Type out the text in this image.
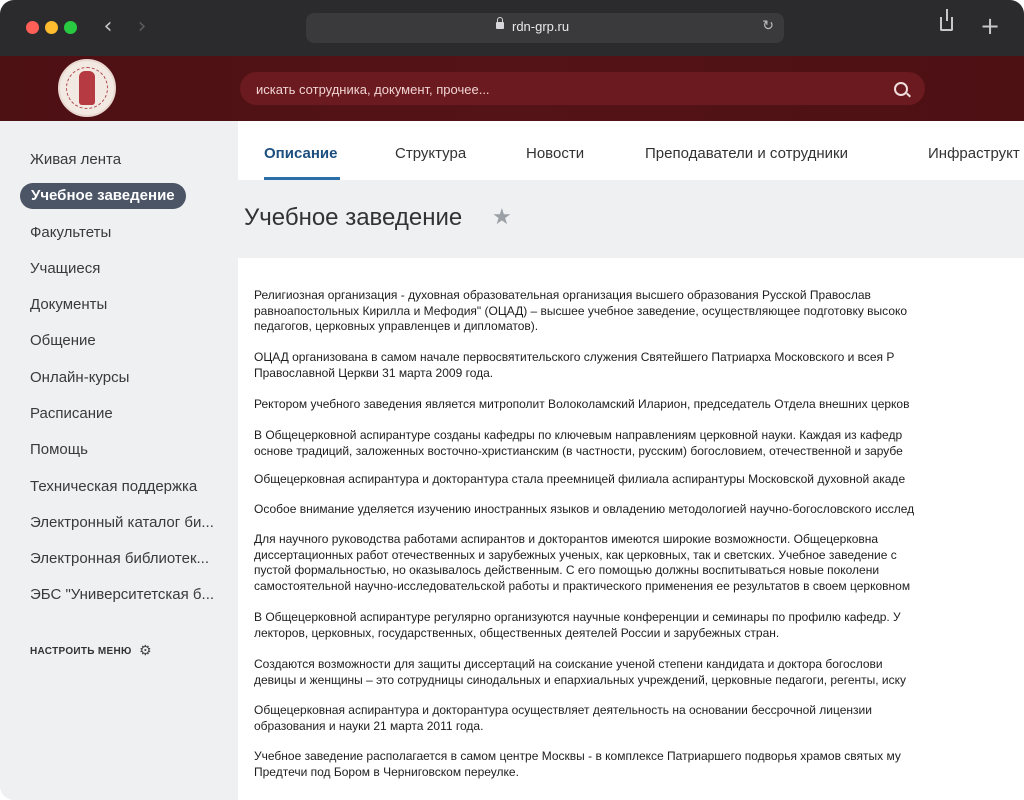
‹ ›	rdn-grp.ru	↻	+
искать сотрудника, документ, прочее...
Живая лента
Учебное заведение
Факультеты
Учащиеся
Документы
Общение
Онлайн-курсы
Расписание
Помощь
Техническая поддержка
Электронный каталог би...
Электронная библиотек...
ЭБС "Университетская б...
НАСТРОИТЬ МЕНЮ ⚙
Описание	Структура	Новости	Преподаватели и сотрудники	Инфраструкт
Учебное заведение ★
Религиозная организация - духовная образовательная организация высшего образования Русской Православ
равноапостольных Кирилла и Мефодия" (ОЦАД) – высшее учебное заведение, осуществляющее подготовку высоко
педагогов, церковных управленцев и дипломатов).
ОЦАД организована в самом начале первосвятительского служения Святейшего Патриарха Московского и всея Р
Православной Церкви 31 марта 2009 года.
Ректором учебного заведения является митрополит Волоколамский Иларион, председатель Отдела внешних церков
В Общецерковной аспирантуре созданы кафедры по ключевым направлениям церковной науки. Каждая из кафедр
основе традиций, заложенных восточно-христианским (в частности, русским) богословием, отечественной и зарубе
Общецерковная аспирантура и докторантура стала преемницей филиала аспирантуры Московской духовной акаде
Особое внимание уделяется изучению иностранных языков и овладению методологией научно-богословского исслед
Для научного руководства работами аспирантов и докторантов имеются широкие возможности. Общецерковна
диссертационных работ отечественных и зарубежных ученых, как церковных, так и светских. Учебное заведение с
пустой формальностью, но оказывалось действенным. С его помощью должны воспитываться новые поколени
самостоятельной научно-исследовательской работы и практического применения ее результатов в своем церковном
В Общецерковной аспирантуре регулярно организуются научные конференции и семинары по профилю кафедр. У
лекторов, церковных, государственных, общественных деятелей России и зарубежных стран.
Создаются возможности для защиты диссертаций на соискание ученой степени кандидата и доктора богослови
девицы и женщины – это сотрудницы синодальных и епархиальных учреждений, церковные педагоги, регенты, иску
Общецерковная аспирантура и докторантура осуществляет деятельность на основании бессрочной лицензии
образования и науки 21 марта 2011 года.
Учебное заведение располагается в самом центре Москвы - в комплексе Патриаршего подворья храмов святых му
Предтечи под Бором в Черниговском переулке.
